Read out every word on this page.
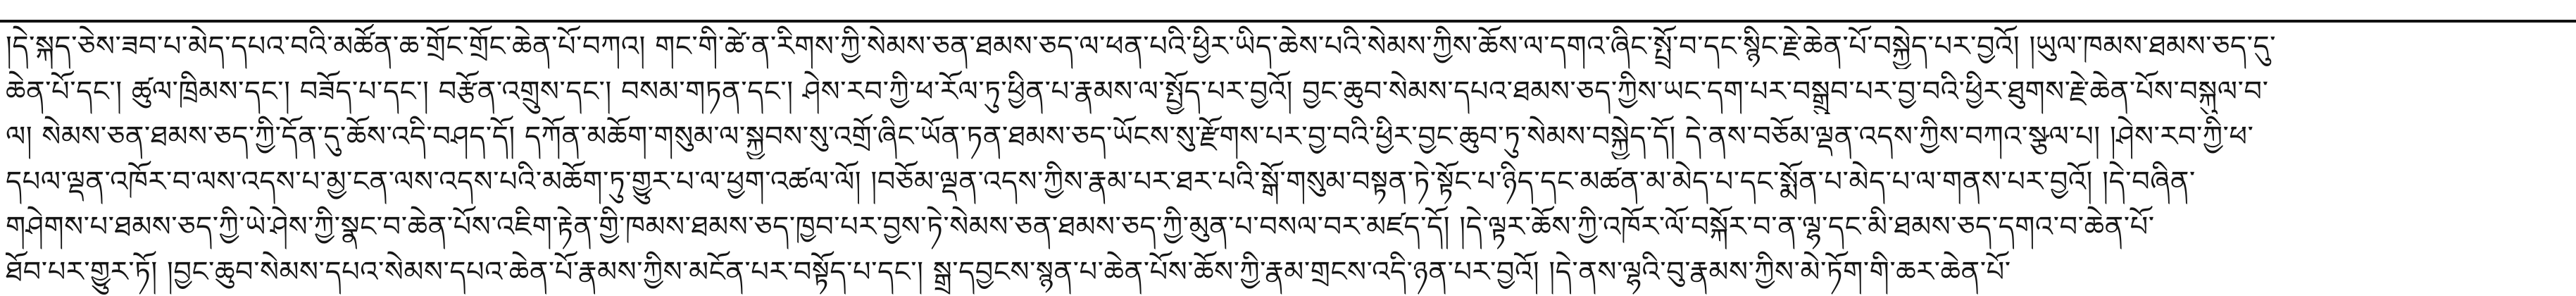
།དེ་སྐད་ཅེས་ཟབ་པ་མེད་དཔའ་བའི་མཚོན་ཆ་གྲོང་གྲོང་ཆེན་པོ་བཀའ། གང་གི་ཚེ་ན་རིགས་ཀྱི་སེམས་ཅན་ཐམས་ཅད་ལ་ཕན་པའི་ཕྱིར་ཡིད་ཆེས་པའི་སེམས་ཀྱིས་ཆོས་ལ་དགའ་ཞིང་སྤྲོ་བ་དང་སྙིང་རྗེ་ཆེན་པོ་བསྐྱེད་པར་བྱའོ། །ཡུལ་ཁམས་ཐམས་ཅད་དུ་
ཆེན་པོ་དང་། ཚུལ་ཁྲིམས་དང་། བཟོད་པ་དང་། བརྩོན་འགྲུས་དང་། བསམ་གཏན་དང་། ཤེས་རབ་ཀྱི་ཕ་རོལ་ཏུ་ཕྱིན་པ་རྣམས་ལ་སྤྱོད་པར་བྱའོ། བྱང་ཆུབ་སེམས་དཔའ་ཐམས་ཅད་ཀྱིས་ཡང་དག་པར་བསྒྲུབ་པར་བྱ་བའི་ཕྱིར་ཐུགས་རྗེ་ཆེན་པོས་བསྐུལ་བ་
ལ། སེམས་ཅན་ཐམས་ཅད་ཀྱི་དོན་དུ་ཆོས་འདི་བཤད་དོ། དཀོན་མཆོག་གསུམ་ལ་སྐྱབས་སུ་འགྲོ་ཞིང་ཡོན་ཏན་ཐམས་ཅད་ཡོངས་སུ་རྫོགས་པར་བྱ་བའི་ཕྱིར་བྱང་ཆུབ་ཏུ་སེམས་བསྐྱེད་དོ། དེ་ནས་བཅོམ་ལྡན་འདས་ཀྱིས་བཀའ་སྩལ་པ། །ཤེས་རབ་ཀྱི་ཕ་
དཔལ་ལྡན་འཁོར་བ་ལས་འདས་པ་མྱ་ངན་ལས་འདས་པའི་མཆོག་ཏུ་གྱུར་པ་ལ་ཕྱག་འཚལ་ལོ། །བཅོམ་ལྡན་འདས་ཀྱིས་རྣམ་པར་ཐར་པའི་སྒོ་གསུམ་བསྟན་ཏེ་སྟོང་པ་ཉིད་དང་མཚན་མ་མེད་པ་དང་སྨོན་པ་མེད་པ་ལ་གནས་པར་བྱའོ། །དེ་བཞིན་
གཤེགས་པ་ཐམས་ཅད་ཀྱི་ཡེ་ཤེས་ཀྱི་སྣང་བ་ཆེན་པོས་འཇིག་རྟེན་གྱི་ཁམས་ཐམས་ཅད་ཁྱབ་པར་བྱས་ཏེ་སེམས་ཅན་ཐམས་ཅད་ཀྱི་མུན་པ་བསལ་བར་མཛད་དོ། །དེ་ལྟར་ཆོས་ཀྱི་འཁོར་ལོ་བསྐོར་བ་ན་ལྷ་དང་མི་ཐམས་ཅད་དགའ་བ་ཆེན་པོ་
ཐོབ་པར་གྱུར་ཏོ། །བྱང་ཆུབ་སེམས་དཔའ་སེམས་དཔའ་ཆེན་པོ་རྣམས་ཀྱིས་མངོན་པར་བསྟོད་པ་དང་། སྒྲ་དབྱངས་སྙན་པ་ཆེན་པོས་ཆོས་ཀྱི་རྣམ་གྲངས་འདི་ཉན་པར་བྱའོ། །དེ་ནས་ལྷའི་བུ་རྣམས་ཀྱིས་མེ་ཏོག་གི་ཆར་ཆེན་པོ་
